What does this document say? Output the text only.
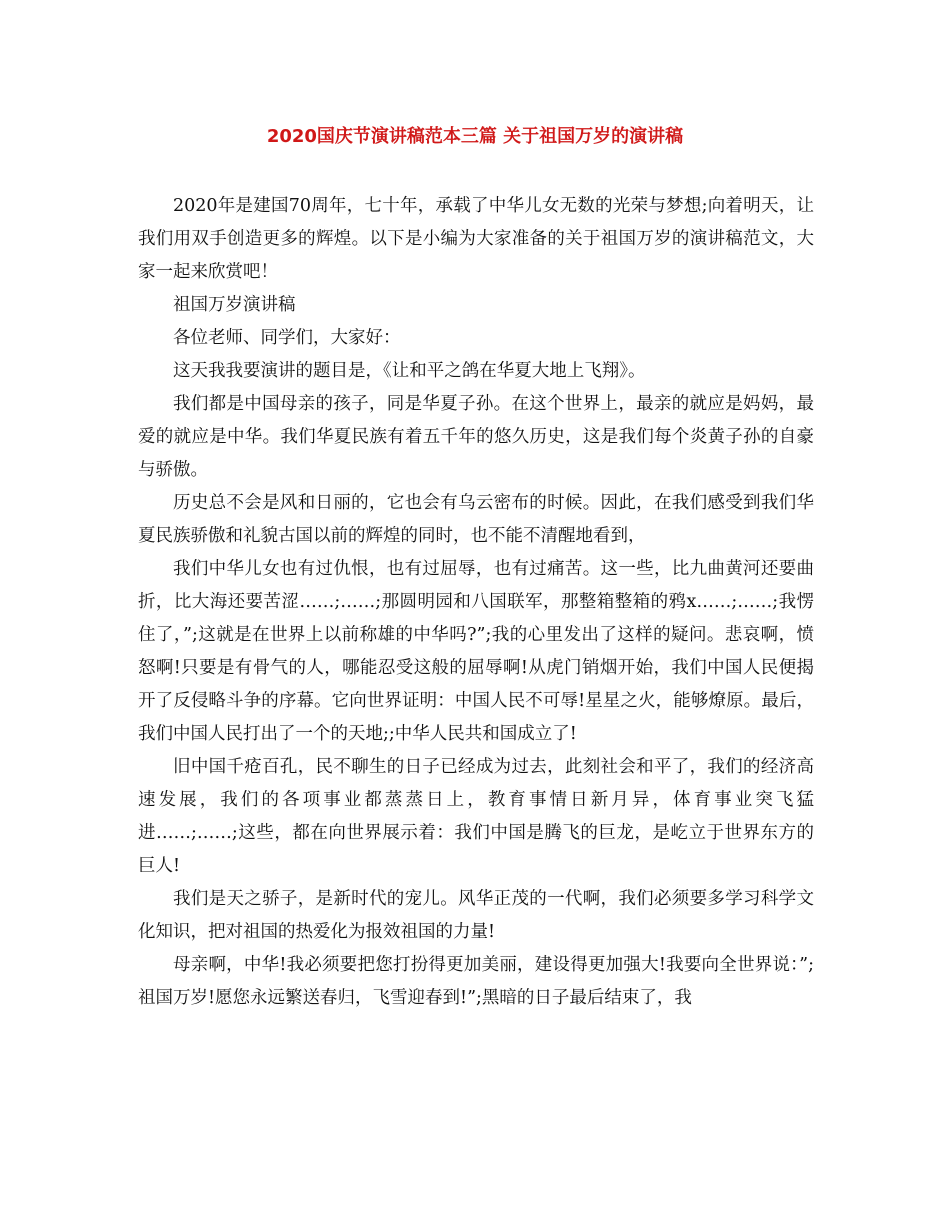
2020国庆节演讲稿范本三篇 关于祖国万岁的演讲稿

2020年是建国70周年，七十年，承载了中华儿女无数的光荣与梦想;向着明天，让我们用双手创造更多的辉煌。以下是小编为大家准备的关于祖国万岁的演讲稿范文，大家一起来欣赏吧！

祖国万岁演讲稿

各位老师、同学们，大家好：

这天我我要演讲的题目是，《让和平之鸽在华夏大地上飞翔》。

我们都是中国母亲的孩子，同是华夏子孙。在这个世界上，最亲的就应是妈妈，最爱的就应是中华。我们华夏民族有着五千年的悠久历史，这是我们每个炎黄子孙的自豪与骄傲。

历史总不会是风和日丽的，它也会有乌云密布的时候。因此，在我们感受到我们华夏民族骄傲和礼貌古国以前的辉煌的同时，也不能不清醒地看到，

我们中华儿女也有过仇恨，也有过屈辱，也有过痛苦。这一些，比九曲黄河还要曲折，比大海还要苦涩……;……;那圆明园和八国联军，那整箱整箱的鸦x……;……;我愣住了，”;这就是在世界上以前称雄的中华吗?”;我的心里发出了这样的疑问。悲哀啊，愤怒啊!只要是有骨气的人，哪能忍受这般的屈辱啊!从虎门销烟开始，我们中国人民便揭开了反侵略斗争的序幕。它向世界证明：中国人民不可辱!星星之火，能够燎原。最后，我们中国人民打出了一个的天地;;中华人民共和国成立了!

旧中国千疮百孔，民不聊生的日子已经成为过去，此刻社会和平了，我们的经济高速发展，我们的各项事业都蒸蒸日上，教育事情日新月异，体育事业突飞猛进……;……;这些，都在向世界展示着：我们中国是腾飞的巨龙，是屹立于世界东方的巨人!

我们是天之骄子，是新时代的宠儿。风华正茂的一代啊，我们必须要多学习科学文化知识，把对祖国的热爱化为报效祖国的力量!

母亲啊，中华!我必须要把您打扮得更加美丽，建设得更加强大!我要向全世界说：”;祖国万岁!愿您永远繁送春归，飞雪迎春到!”;黑暗的日子最后结束了，我
